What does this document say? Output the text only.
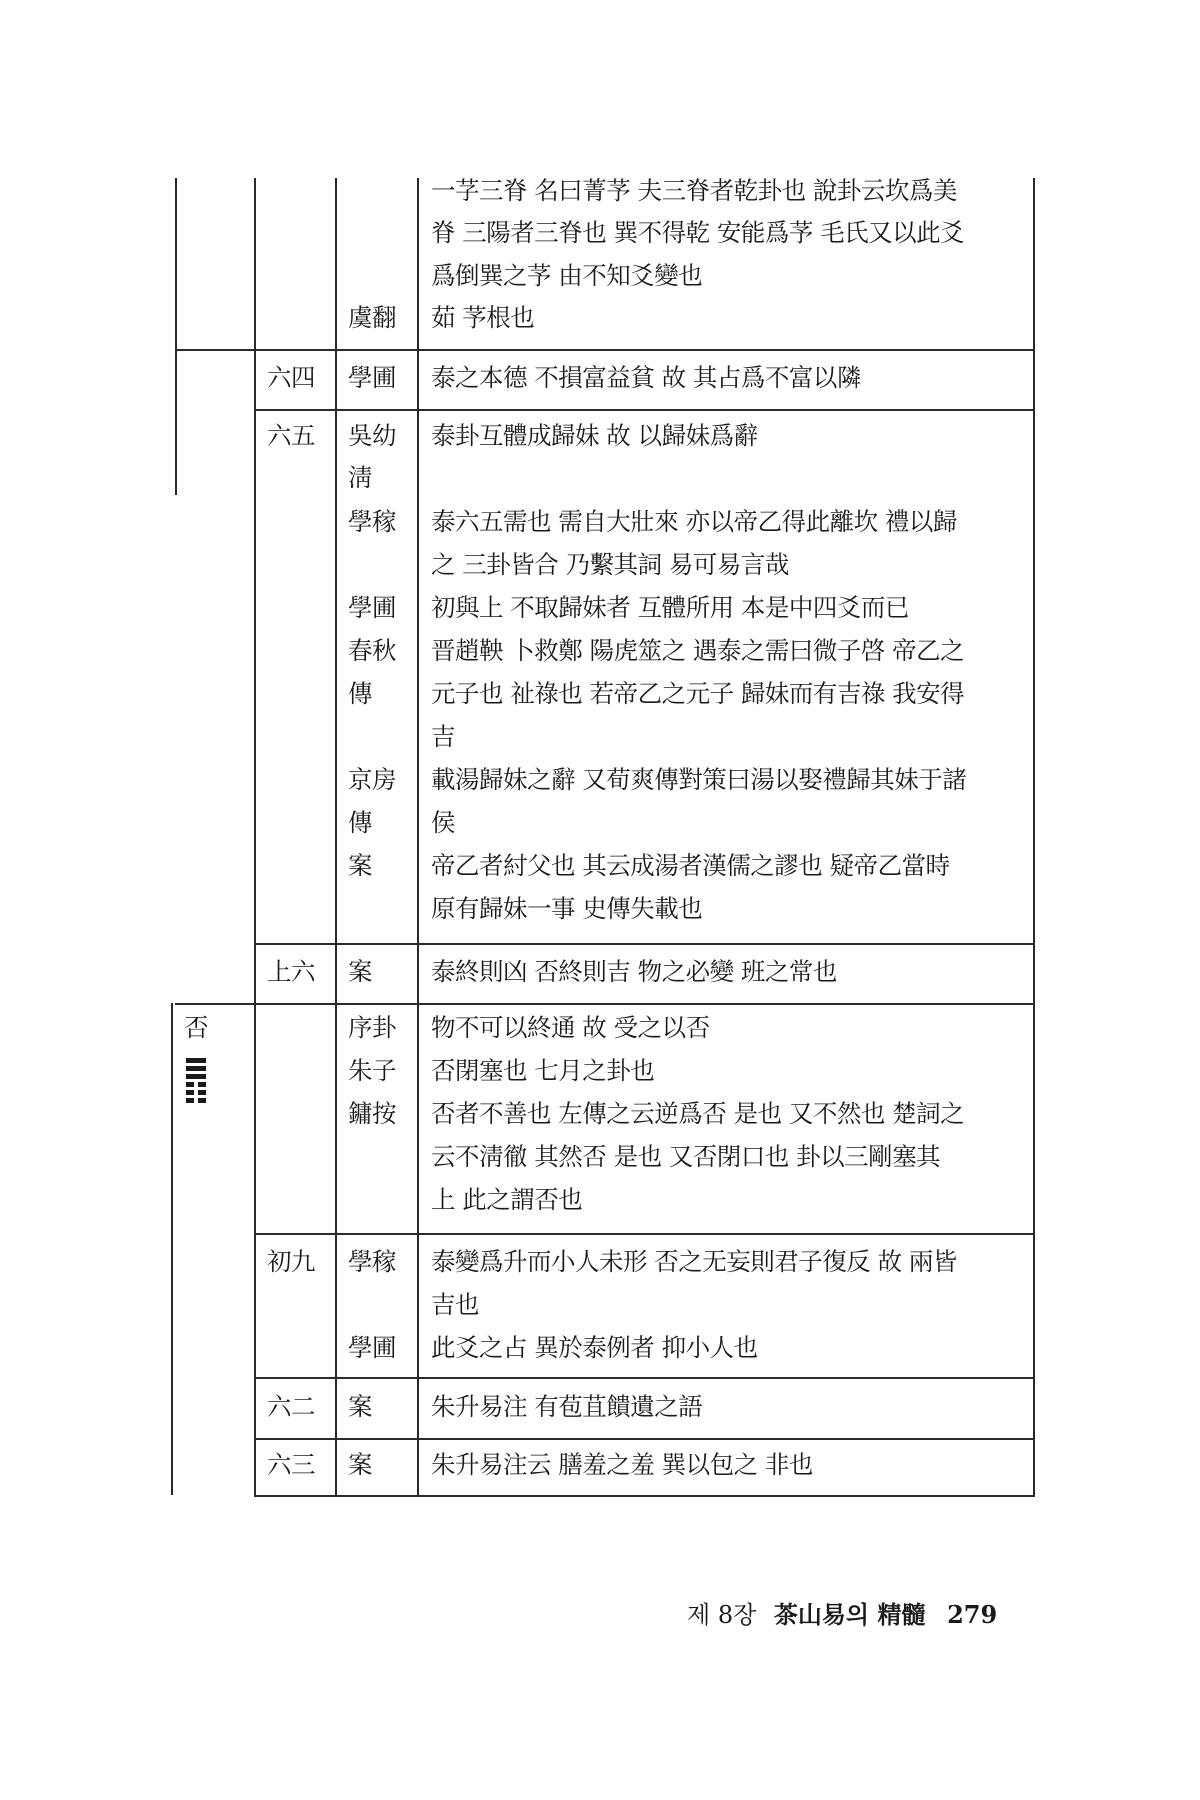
虞翻
一芓三脊 名曰菁芧 夫三脊者乾卦也 說卦云坎爲美
脊 三陽者三脊也 巽不得乾 安能爲芧 毛氏又以此爻
爲倒巽之芧 由不知爻變也
茹 芧根也
六四 學圃 泰之本德 不損富益貧 故 其占爲不富以隣
六五 吳幼
淸
學稼
學圃
春秋
傳
京房
傳
案
泰卦互體成歸妹 故 以歸妹爲辭
泰六五需也 需自大壯來 亦以帝乙得此離坎 禮以歸
之 三卦皆合 乃繫其詞 易可易言哉
初與上 不取歸妹者 互體所用 本是中四爻而已
晋趙鞅 卜救鄭 陽虎筮之 遇泰之需曰微子啓 帝乙之
元子也 祉祿也 若帝乙之元子 歸妹而有吉祿 我安得
吉
載湯歸妹之辭 又荀爽傳對策曰湯以娶禮歸其妹于諸
侯
帝乙者紂父也 其云成湯者漢儒之謬也 疑帝乙當時
原有歸妹一事 史傳失載也
上六 案 泰終則凶 否終則吉 物之必變 班之常也
否	序卦
朱子
鏞按
物不可以終通 故 受之以否
否閉塞也 七月之卦也
否者不善也 左傳之云逆爲否 是也 又不然也 楚詞之
云不淸徹 其然否 是也 又否閉口也 卦以三剛塞其
上 此之謂否也
初九 學稼
學圃
泰變爲升而小人未形 否之无妄則君子復反 故 兩皆
吉也
此爻之占 異於泰例者 抑小人也
六二 案 朱升易注 有苞苴饋遺之語
六三 案 朱升易注云 膳羞之羞 巽以包之 非也
제 8장 茶山易의 精髓 279
